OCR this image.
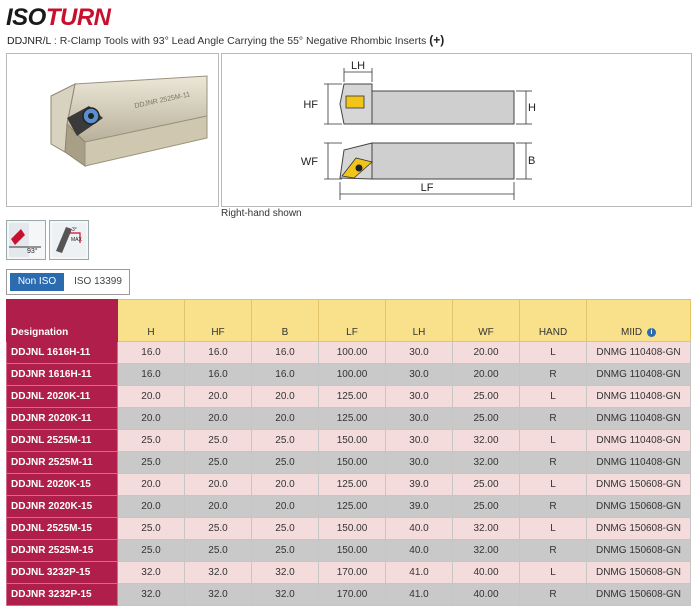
ISOTURN
DDJNR/L : R-Clamp Tools with 93° Lead Angle Carrying the 55° Negative Rhombic Inserts (+)
DDJNR 2525M-11
LH
HF	H
WF	B
LF
Right-hand shown
93°
3°
MAX
Non ISO	ISO 13399
Designation	H	HF	B	LF	LH	WF	HAND	MIID i
DDJNL 1616H-11	16.0	16.0	16.0	100.00	30.0	20.00	L	DNMG 110408-GN
DDJNR 1616H-11	16.0	16.0	16.0	100.00	30.0	20.00	R	DNMG 110408-GN
DDJNL 2020K-11	20.0	20.0	20.0	125.00	30.0	25.00	L	DNMG 110408-GN
DDJNR 2020K-11	20.0	20.0	20.0	125.00	30.0	25.00	R	DNMG 110408-GN
DDJNL 2525M-11	25.0	25.0	25.0	150.00	30.0	32.00	L	DNMG 110408-GN
DDJNR 2525M-11	25.0	25.0	25.0	150.00	30.0	32.00	R	DNMG 110408-GN
DDJNL 2020K-15	20.0	20.0	20.0	125.00	39.0	25.00	L	DNMG 150608-GN
DDJNR 2020K-15	20.0	20.0	20.0	125.00	39.0	25.00	R	DNMG 150608-GN
DDJNL 2525M-15	25.0	25.0	25.0	150.00	40.0	32.00	L	DNMG 150608-GN
DDJNR 2525M-15	25.0	25.0	25.0	150.00	40.0	32.00	R	DNMG 150608-GN
DDJNL 3232P-15	32.0	32.0	32.0	170.00	41.0	40.00	L	DNMG 150608-GN
DDJNR 3232P-15	32.0	32.0	32.0	170.00	41.0	40.00	R	DNMG 150608-GN
